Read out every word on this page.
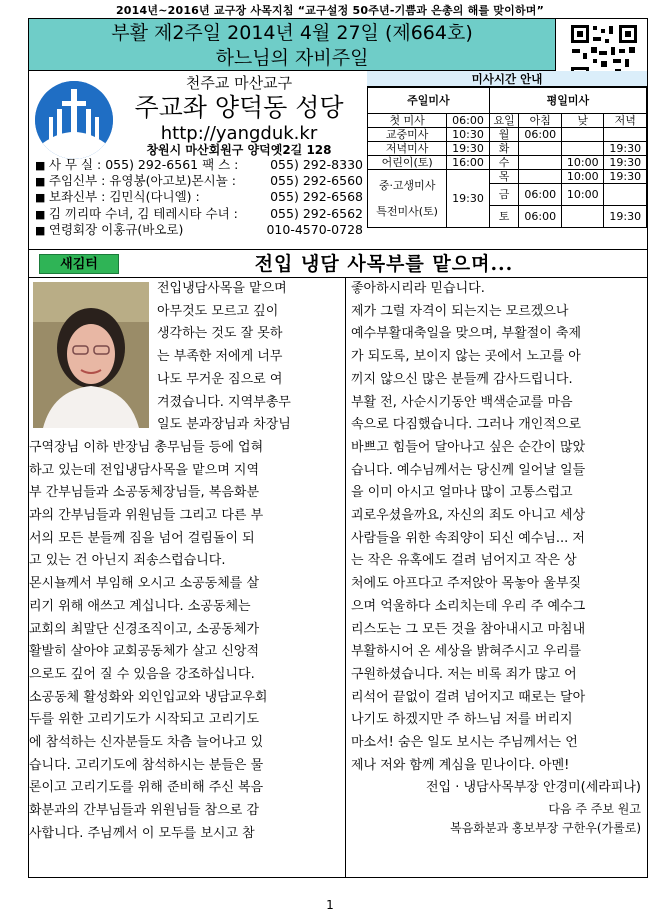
2014년~2016년 교구장 사목지침 “교구설정 50주년-기쁨과 은총의 해를 맞이하며”
부활 제2주일 2014년 4월 27일 (제664호)
하느님의 자비주일
천주교 마산교구
주교좌 양덕동 성당
http://yangduk.kr
창원시 마산회원구 양덕옛2길 128
■ 사 무 실 : 055) 292-6561 팩 스 :	055) 292-8330
■ 주임신부 : 유영봉(아고보)몬시뇰 :	055) 292-6560
■ 보좌신부 : 김민식(다니엘) :	055) 292-6568
■ 김 끼리따 수녀, 김 테레시타 수녀 :	055) 292-6562
■ 연령회장 이홍규(바오로)	010-4570-0728
미사시간 안내
주일미사		평일미사			
첫 미사	06:00	요일	아침	낮	저녁
교중미사	10:30	월	06:00		
저녁미사	19:30	화			19:30
어린이(토)	16:00	수		10:00	19:30

중·고생미사
특전미사(토)	19:30	목		10:00	19:30
		금	06:00	10:00	
		토	06:00		19:30
새김터	전입 냉담 사목부를 맡으며...

전입냉담사목을 맡으며

아무것도 모르고 깊이

생각하는 것도 잘 못하

는 부족한 저에게 너무

나도 무거운 짐으로 여

겨졌습니다. 지역부총무

일도 분과장님과 차장님

구역장님 이하 반장님 총무님들 등에 업혀

하고 있는데 전입냉담사목을 맡으며 지역

부 간부님들과 소공동체장님들, 복음화분

과의 간부님들과 위원님들 그리고 다른 부

서의 모든 분들께 짐을 넘어 걸림돌이 되

고 있는 건 아닌지 죄송스럽습니다.

몬시뇰께서 부임해 오시고 소공동체를 살

리기 위해 애쓰고 계십니다. 소공동체는

교회의 최말단 신경조직이고, 소공동체가

활발히 살아야 교회공동체가 살고 신앙적

으로도 깊어 질 수 있음을 강조하십니다.

소공동체 활성화와 외인입교와 냉담교우회

두를 위한 고리기도가 시작되고 고리기도

에 참석하는 신자분들도 차츰 늘어나고 있

습니다. 고리기도에 참석하시는 분들은 물

론이고 고리기도를 위해 준비해 주신 복음

화분과의 간부님들과 위원님들 참으로 감

사합니다. 주님께서 이 모두를 보시고 참

좋아하시리라 믿습니다.

제가 그럴 자격이 되는지는 모르겠으나

예수부활대축일을 맞으며, 부활절이 축제

가 되도록, 보이지 않는 곳에서 노고를 아

끼지 않으신 많은 분들께 감사드립니다.

부활 전, 사순시기동안 백색순교를 마음

속으로 다짐했습니다. 그러나 개인적으로

바쁘고 힘들어 달아나고 싶은 순간이 많았

습니다. 예수님께서는 당신께 일어날 일들

을 이미 아시고 얼마나 많이 고통스럽고

괴로우셨을까요, 자신의 죄도 아니고 세상

사람들을 위한 속죄양이 되신 예수님... 저

는 작은 유혹에도 걸려 넘어지고 작은 상

처에도 아프다고 주저앉아 목놓아 울부짖

으며 억울하다 소리치는데 우리 주 예수그

리스도는 그 모든 것을 참아내시고 마침내

부활하시어 온 세상을 밝혀주시고 우리를

구원하셨습니다. 저는 비록 죄가 많고 어

리석어 끝없이 걸려 넘어지고 때로는 달아

나기도 하겠지만 주 하느님 저를 버리지

마소서! 숨은 일도 보시는 주님께서는 언

제나 저와 함께 계심을 믿나이다. 아멘!

전입 · 냉담사목부장 안경미(세라피나)

다음 주 주보 원고

복음화분과 홍보부장 구한우(가롤로)

1
